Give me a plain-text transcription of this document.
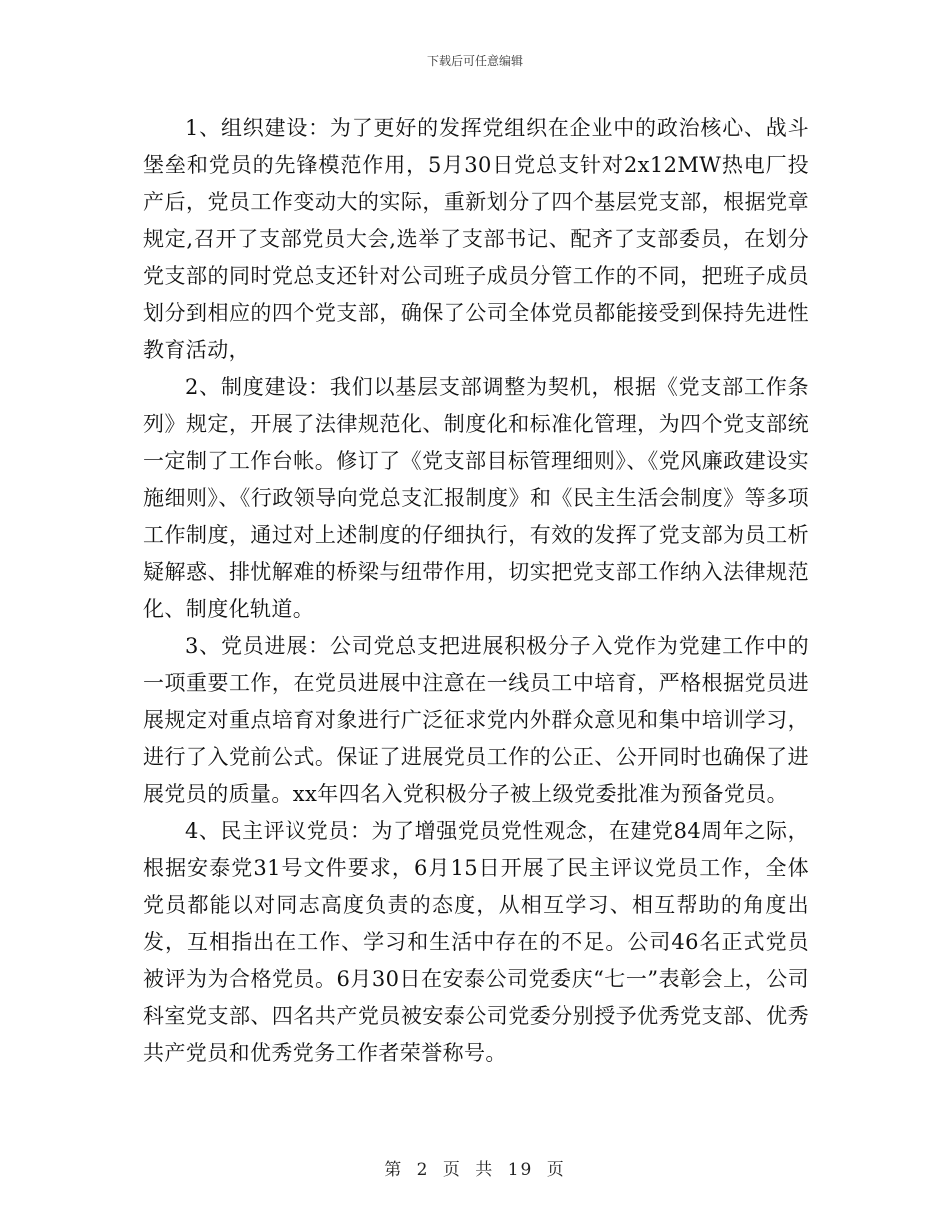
下载后可任意编辑

1、组织建设：为了更好的发挥党组织在企业中的政治核心、战斗堡垒和党员的先锋模范作用，5月30日党总支针对2x12MW热电厂投产后，党员工作变动大的实际，重新划分了四个基层党支部，根据党章规定,召开了支部党员大会,选举了支部书记、配齐了支部委员，在划分党支部的同时党总支还针对公司班子成员分管工作的不同，把班子成员划分到相应的四个党支部，确保了公司全体党员都能接受到保持先进性教育活动，

2、制度建设：我们以基层支部调整为契机，根据《党支部工作条列》规定，开展了法律规范化、制度化和标准化管理，为四个党支部统一定制了工作台帐。修订了《党支部目标管理细则》、《党风廉政建设实施细则》、《行政领导向党总支汇报制度》和《民主生活会制度》等多项工作制度，通过对上述制度的仔细执行，有效的发挥了党支部为员工析疑解惑、排忧解难的桥梁与纽带作用，切实把党支部工作纳入法律规范化、制度化轨道。

3、党员进展：公司党总支把进展积极分子入党作为党建工作中的一项重要工作，在党员进展中注意在一线员工中培育，严格根据党员进展规定对重点培育对象进行广泛征求党内外群众意见和集中培训学习，进行了入党前公式。保证了进展党员工作的公正、公开同时也确保了进展党员的质量。xx年四名入党积极分子被上级党委批准为预备党员。

4、民主评议党员：为了增强党员党性观念，在建党84周年之际，根据安泰党31号文件要求，6月15日开展了民主评议党员工作，全体党员都能以对同志高度负责的态度，从相互学习、相互帮助的角度出发，互相指出在工作、学习和生活中存在的不足。公司46名正式党员被评为为合格党员。6月30日在安泰公司党委庆“七一”表彰会上，公司科室党支部、四名共产党员被安泰公司党委分别授予优秀党支部、优秀共产党员和优秀党务工作者荣誉称号。

第 2 页 共 19 页
